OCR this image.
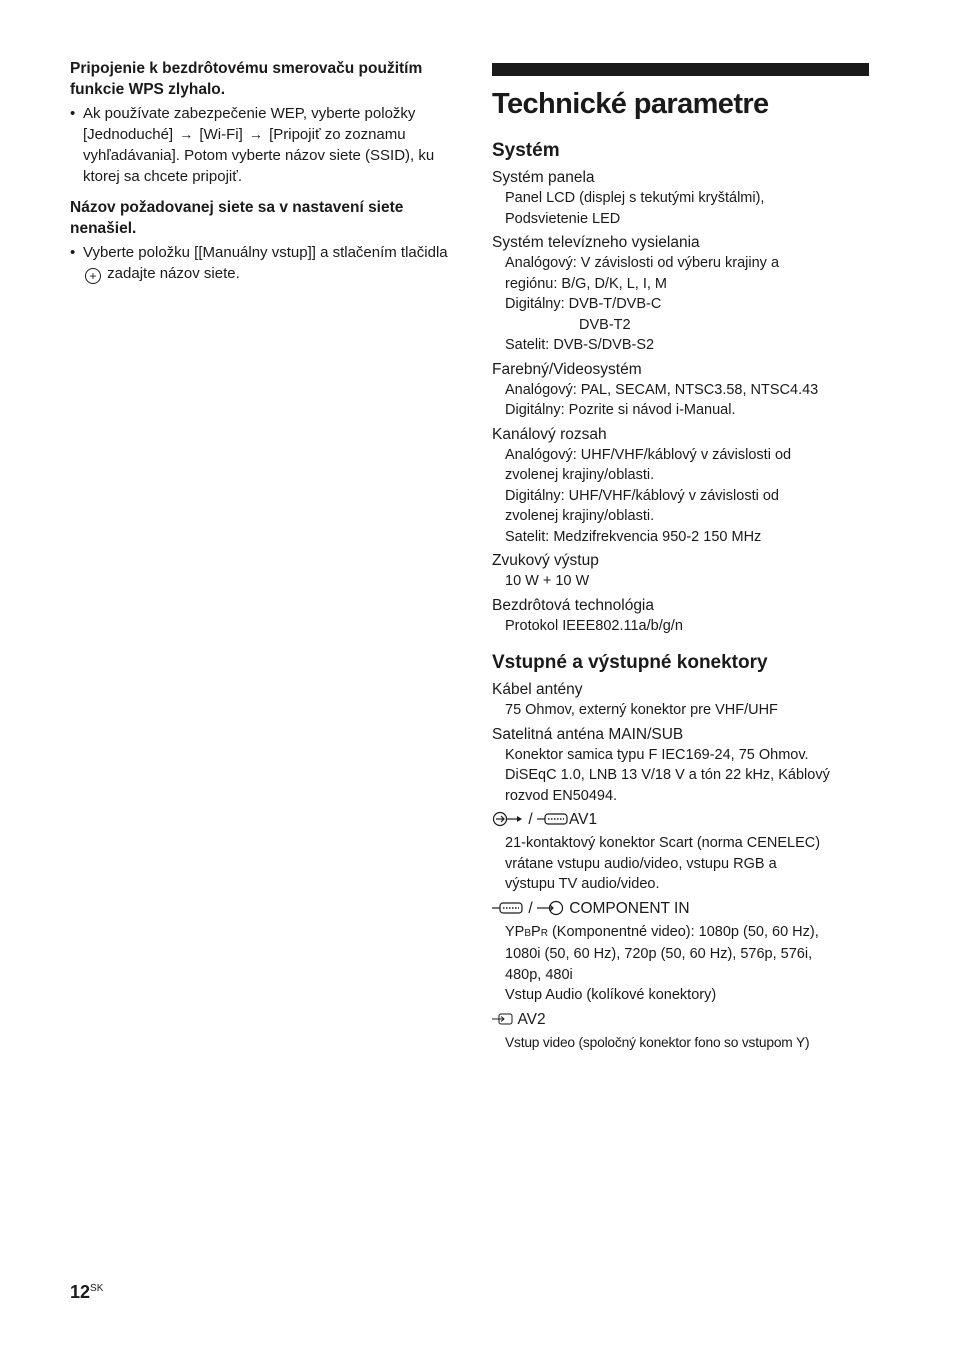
Pripojenie k bezdrôtovému smerovaču použitím funkcie WPS zlyhalo.
• Ak používate zabezpečenie WEP, vyberte položky [Jednoduché] → [Wi-Fi] → [Pripojiť zo zoznamu vyhľadávania]. Potom vyberte názov siete (SSID), ku ktorej sa chcete pripojiť.
Názov požadovanej siete sa v nastavení siete nenašiel.
• Vyberte položku [[Manuálny vstup]] a stlačením tlačidla + zadajte názov siete.
Technické parametre
Systém
Systém panela
Panel LCD (displej s tekutými kryštálmi),
Podsvietenie LED
Systém televízneho vysielania
Analógový: V závislosti od výberu krajiny a
regiónu: B/G, D/K, L, I, M
Digitálny: DVB-T/DVB-C
DVB-T2
Satelit: DVB-S/DVB-S2
Farebný/Videosystém
Analógový: PAL, SECAM, NTSC3.58, NTSC4.43
Digitálny: Pozrite si návod i-Manual.
Kanálový rozsah
Analógový: UHF/VHF/káblový v závislosti od
zvolenej krajiny/oblasti.
Digitálny: UHF/VHF/káblový v závislosti od
zvolenej krajiny/oblasti.
Satelit: Medzifrekvencia 950-2 150 MHz
Zvukový výstup
10 W + 10 W
Bezdrôtová technológia
Protokol IEEE802.11a/b/g/n
Vstupné a výstupné konektory
Kábel antény
75 Ohmov, externý konektor pre VHF/UHF
Satelitná anténa MAIN/SUB
Konektor samica typu F IEC169-24, 75 Ohmov.
DiSEqC 1.0, LNB 13 V/18 V a tón 22 kHz, Káblový
rozvod EN50494.
/ AV1
21-kontaktový konektor Scart (norma CENELEC)
vrátane vstupu audio/video, vstupu RGB a
výstupu TV audio/video.
/ COMPONENT IN
YPBPR (Komponentné video): 1080p (50, 60 Hz),
1080i (50, 60 Hz), 720p (50, 60 Hz), 576p, 576i,
480p, 480i
Vstup Audio (kolíkové konektory)
AV2
Vstup video (spoločný konektor fono so vstupom Y)
$12^{SK}$
